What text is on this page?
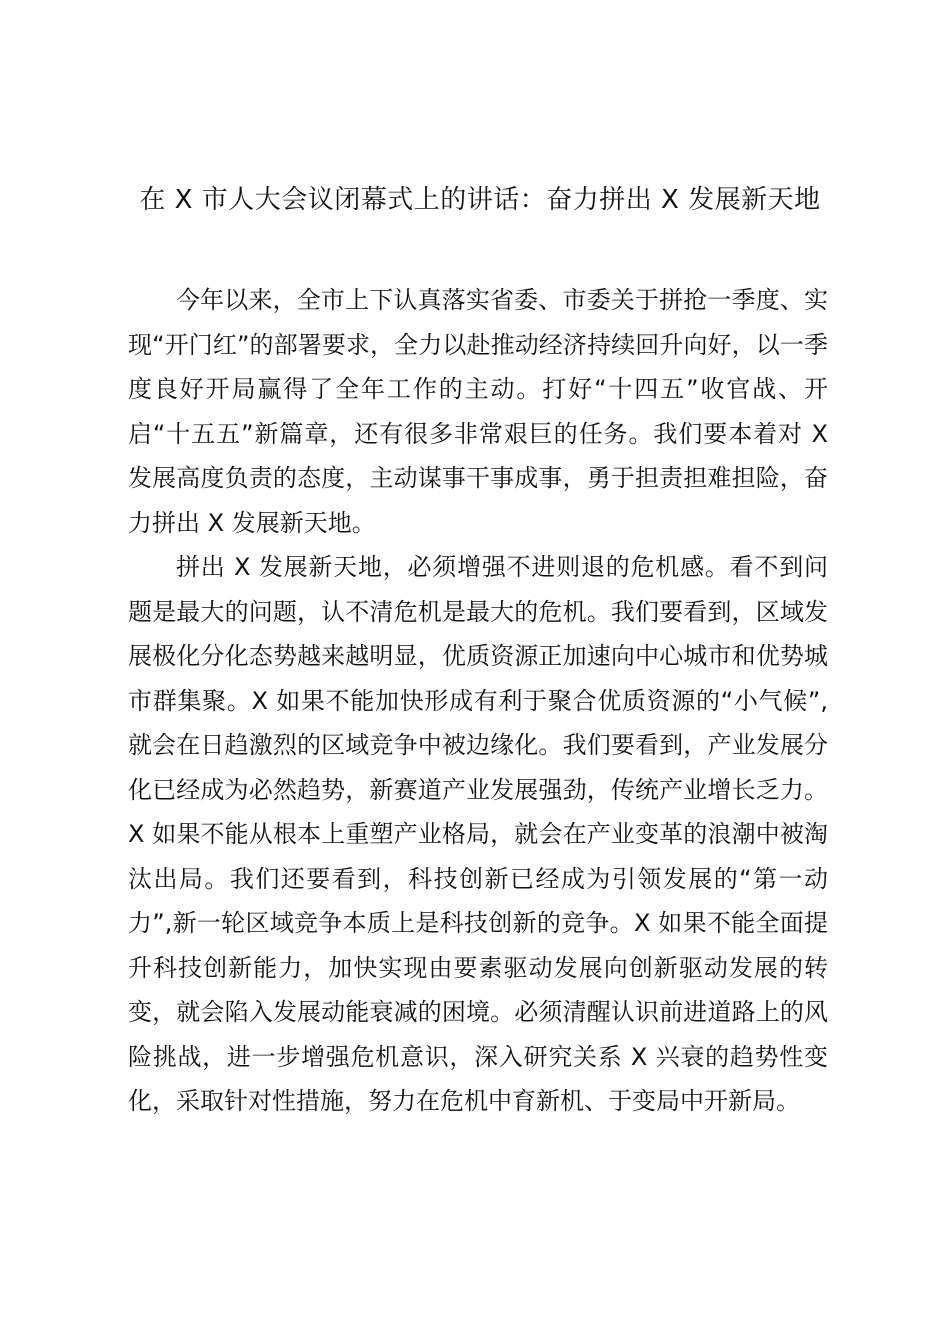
在 X 市人大会议闭幕式上的讲话：奋力拼出 X 发展新天地

今年以来，全市上下认真落实省委、市委关于拼抢一季度、实现“开门红”的部署要求，全力以赴推动经济持续回升向好，以一季度良好开局赢得了全年工作的主动。打好“十四五”收官战、开启“十五五”新篇章，还有很多非常艰巨的任务。我们要本着对 X 发展高度负责的态度，主动谋事干事成事，勇于担责担难担险，奋力拼出 X 发展新天地。

拼出 X 发展新天地，必须增强不进则退的危机感。看不到问题是最大的问题，认不清危机是最大的危机。我们要看到，区域发展极化分化态势越来越明显，优质资源正加速向中心城市和优势城市群集聚。X 如果不能加快形成有利于聚合优质资源的“小气候”,就会在日趋激烈的区域竞争中被边缘化。我们要看到，产业发展分化已经成为必然趋势，新赛道产业发展强劲，传统产业增长乏力。X 如果不能从根本上重塑产业格局，就会在产业变革的浪潮中被淘汰出局。我们还要看到，科技创新已经成为引领发展的“第一动力”,新一轮区域竞争本质上是科技创新的竞争。X 如果不能全面提升科技创新能力，加快实现由要素驱动发展向创新驱动发展的转变，就会陷入发展动能衰减的困境。必须清醒认识前进道路上的风险挑战，进一步增强危机意识，深入研究关系 X 兴衰的趋势性变化，采取针对性措施，努力在危机中育新机、于变局中开新局。
